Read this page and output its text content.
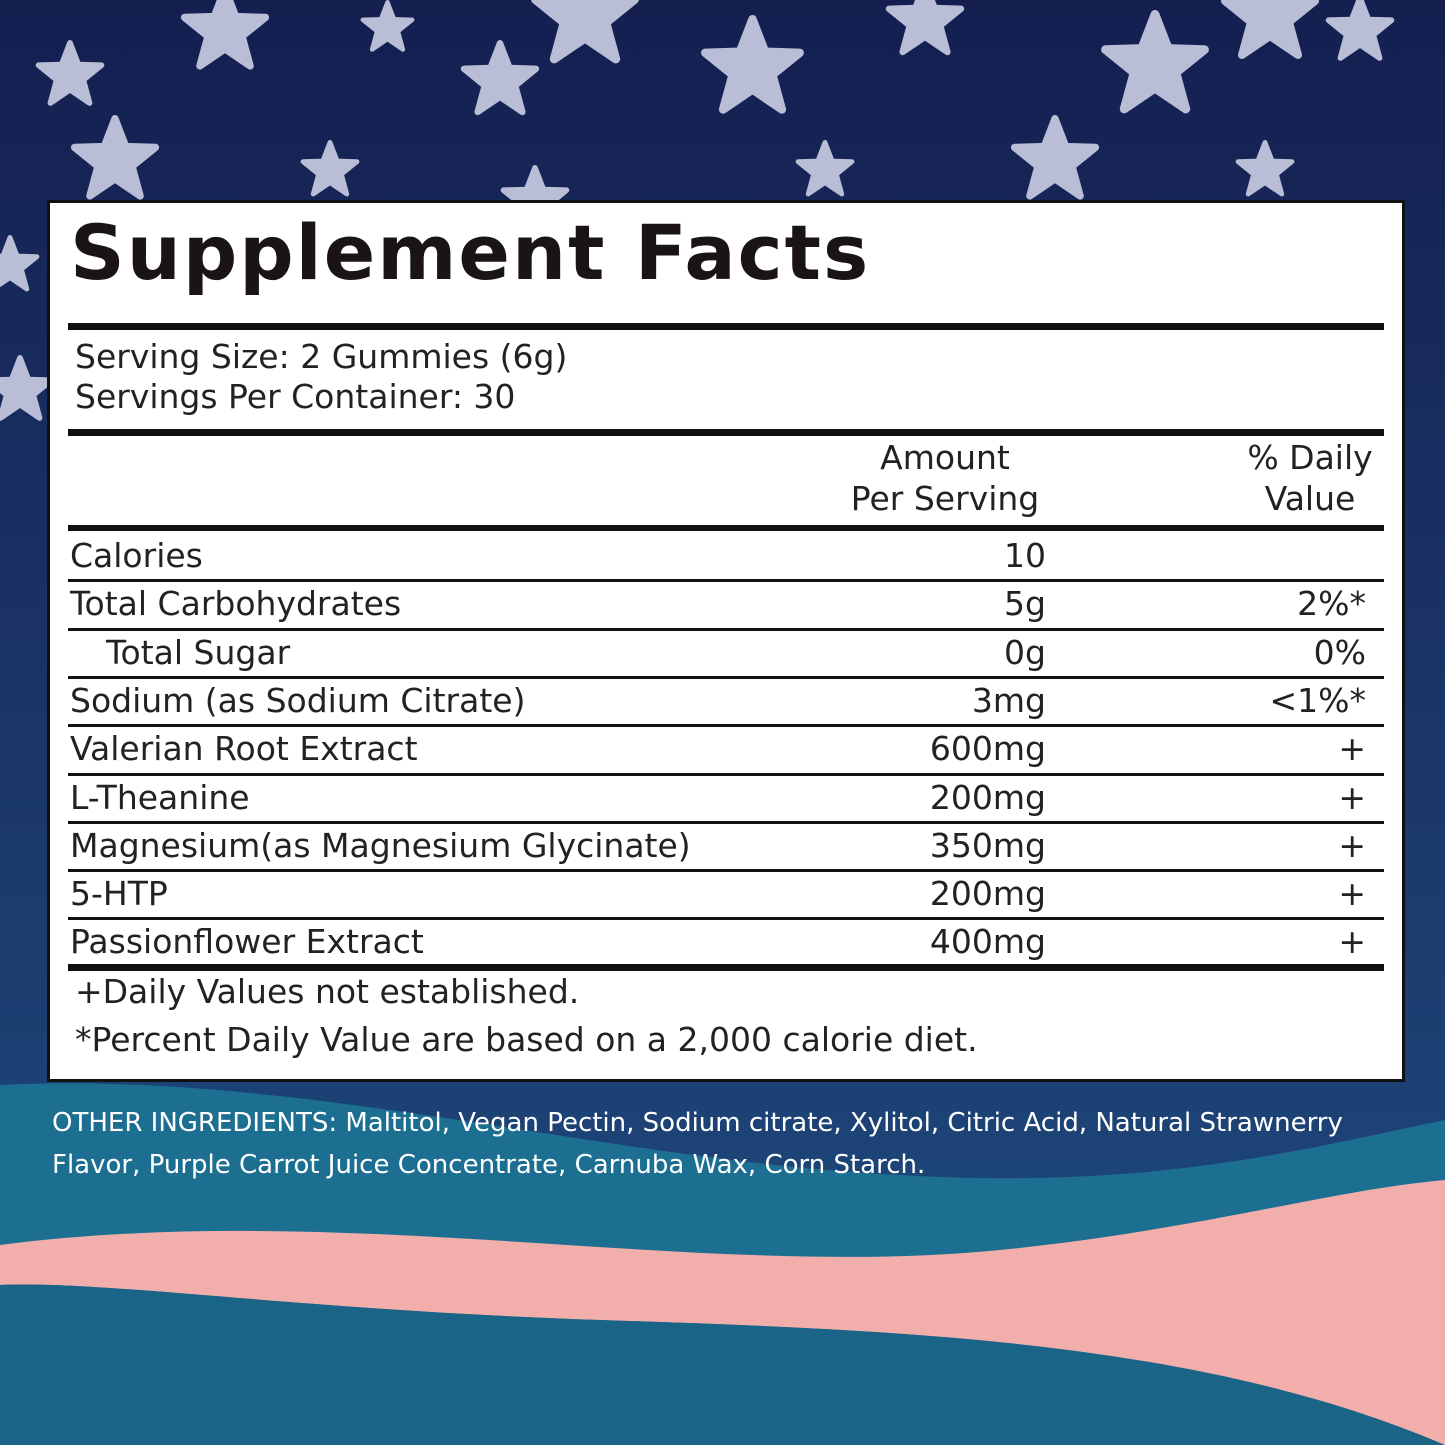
Supplement Facts
Serving Size: 2 Gummies (6g)
Servings Per Container: 30
Amount
Per Serving
% Daily
Value
Calories	10
Total Carbohydrates	5g	2%*
Total Sugar	0g	0%
Sodium (as Sodium Citrate)	3mg	<1%*
Valerian Root Extract	600mg	+
L-Theanine	200mg	+
Magnesium(as Magnesium Glycinate)	350mg	+
5-HTP	200mg	+
Passionflower Extract	400mg	+
+Daily Values not established.
*Percent Daily Value are based on a 2,000 calorie diet.
OTHER INGREDIENTS: Maltitol, Vegan Pectin, Sodium citrate, Xylitol, Citric Acid, Natural Strawnerry Flavor, Purple Carrot Juice Concentrate, Carnuba Wax, Corn Starch.
